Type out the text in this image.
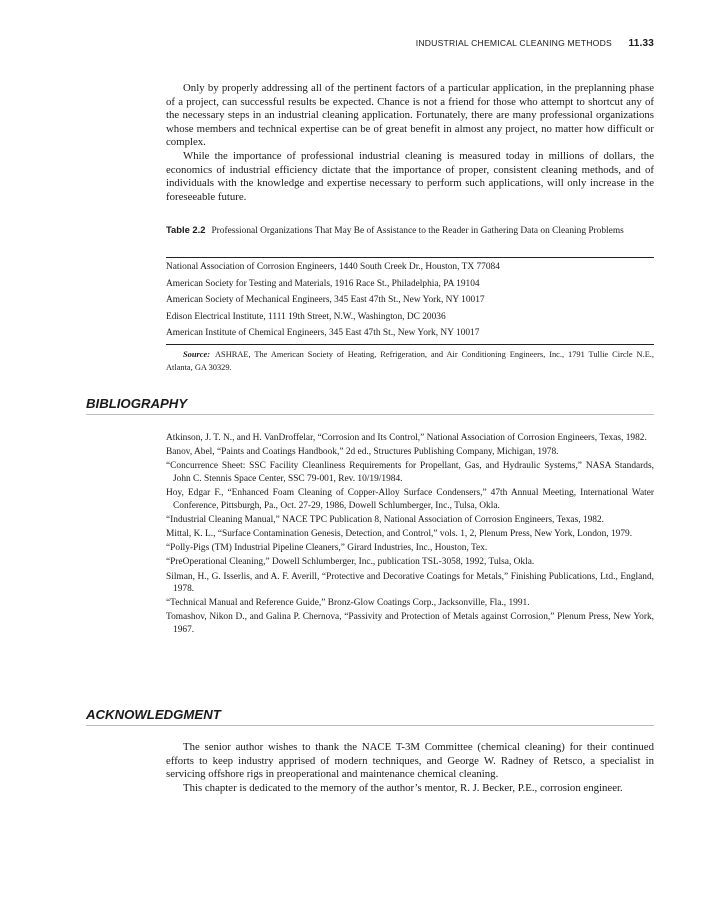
INDUSTRIAL CHEMICAL CLEANING METHODS 11.33

Only by properly addressing all of the pertinent factors of a particular application, in the preplanning phase of a project, can successful results be expected. Chance is not a friend for those who attempt to shortcut any of the necessary steps in an industrial cleaning application. Fortunately, there are many professional organizations whose members and technical expertise can be of great benefit in almost any project, no matter how difficult or complex.

While the importance of professional industrial cleaning is measured today in millions of dollars, the economics of industrial efficiency dictate that the importance of proper, consistent cleaning methods, and of individuals with the knowledge and expertise necessary to perform such applications, will only increase in the foreseeable future.

Table 2.2 Professional Organizations That May Be of Assistance to the Reader in Gathering Data on Cleaning Problems
National Association of Corrosion Engineers, 1440 South Creek Dr., Houston, TX 77084
American Society for Testing and Materials, 1916 Race St., Philadelphia, PA 19104
American Society of Mechanical Engineers, 345 East 47th St., New York, NY 10017
Edison Electrical Institute, 1111 19th Street, N.W., Washington, DC 20036
American Institute of Chemical Engineers, 345 East 47th St., New York, NY 10017
Source: ASHRAE, The American Society of Heating, Refrigeration, and Air Conditioning Engineers, Inc., 1791 Tullie Circle N.E., Atlanta, GA 30329.
BIBLIOGRAPHY
Atkinson, J. T. N., and H. VanDroffelar, “Corrosion and Its Control,” National Association of Corrosion Engineers, Texas, 1982.
Banov, Abel, “Paints and Coatings Handbook,” 2d ed., Structures Publishing Company, Michigan, 1978.
“Concurrence Sheet: SSC Facility Cleanliness Requirements for Propellant, Gas, and Hydraulic Systems,” NASA Standards, John C. Stennis Space Center, SSC 79-001, Rev. 10/19/1984.
Hoy, Edgar F., “Enhanced Foam Cleaning of Copper-Alloy Surface Condensers,” 47th Annual Meeting, International Water Conference, Pittsburgh, Pa., Oct. 27-29, 1986, Dowell Schlumberger, Inc., Tulsa, Okla.
“Industrial Cleaning Manual,” NACE TPC Publication 8, National Association of Corrosion Engineers, Texas, 1982.
Mittal, K. L., “Surface Contamination Genesis, Detection, and Control,” vols. 1, 2, Plenum Press, New York, London, 1979.
“Polly-Pigs (TM) Industrial Pipeline Cleaners,” Girard Industries, Inc., Houston, Tex.
“PreOperational Cleaning,” Dowell Schlumberger, Inc., publication TSL-3058, 1992, Tulsa, Okla.
Silman, H., G. Isserlis, and A. F. Averill, “Protective and Decorative Coatings for Metals,” Finishing Publications, Ltd., England, 1978.
“Technical Manual and Reference Guide,” Bronz-Glow Coatings Corp., Jacksonville, Fla., 1991.
Tomashov, Nikon D., and Galina P. Chernova, “Passivity and Protection of Metals against Corrosion,” Plenum Press, New York, 1967.
ACKNOWLEDGMENT

The senior author wishes to thank the NACE T-3M Committee (chemical cleaning) for their continued efforts to keep industry apprised of modern techniques, and George W. Radney of Retsco, a specialist in servicing offshore rigs in preoperational and maintenance chemical cleaning.

This chapter is dedicated to the memory of the author’s mentor, R. J. Becker, P.E., corrosion engineer.
